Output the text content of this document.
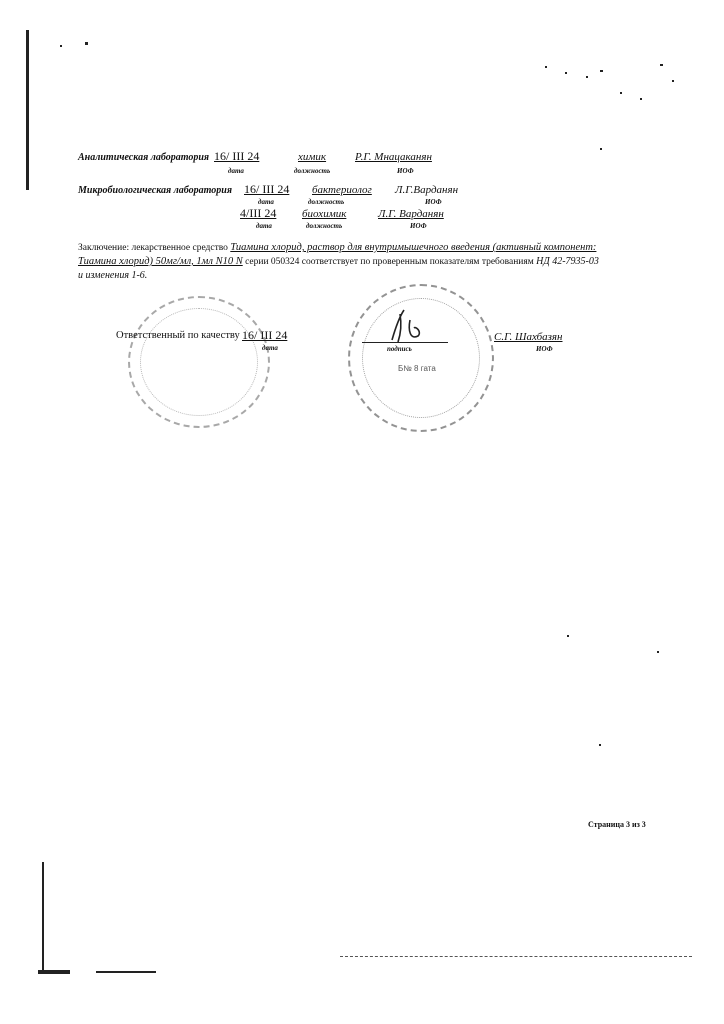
Аналитическая лаборатория 16/ III 24	химик	Р.Г. Мнацаканян
дата	должность	ИОФ
Микробиологическая лаборатория 16/ III 24 бактериолог Л.Г.Варданян
дата	должность	ИОФ
4/III 24 биохимик	Л.Г. Варданян
дата	должность	ИОФ
Заключение: лекарственное средство Тиамина хлорид, раствор для внутримышечного введения (активный компонент:
Тиамина хлорид) 50мг/мл, 1мл N10 N серии 050324 соответствует по проверенным показателям требованиям НД 42-7935-03
и изменения 1-6.
Б№ 8 гата
Ответственный по качеству 16/ III 24
дата	подпись
С.Г. Шахбазян
ИОФ
Страница 3 из 3
